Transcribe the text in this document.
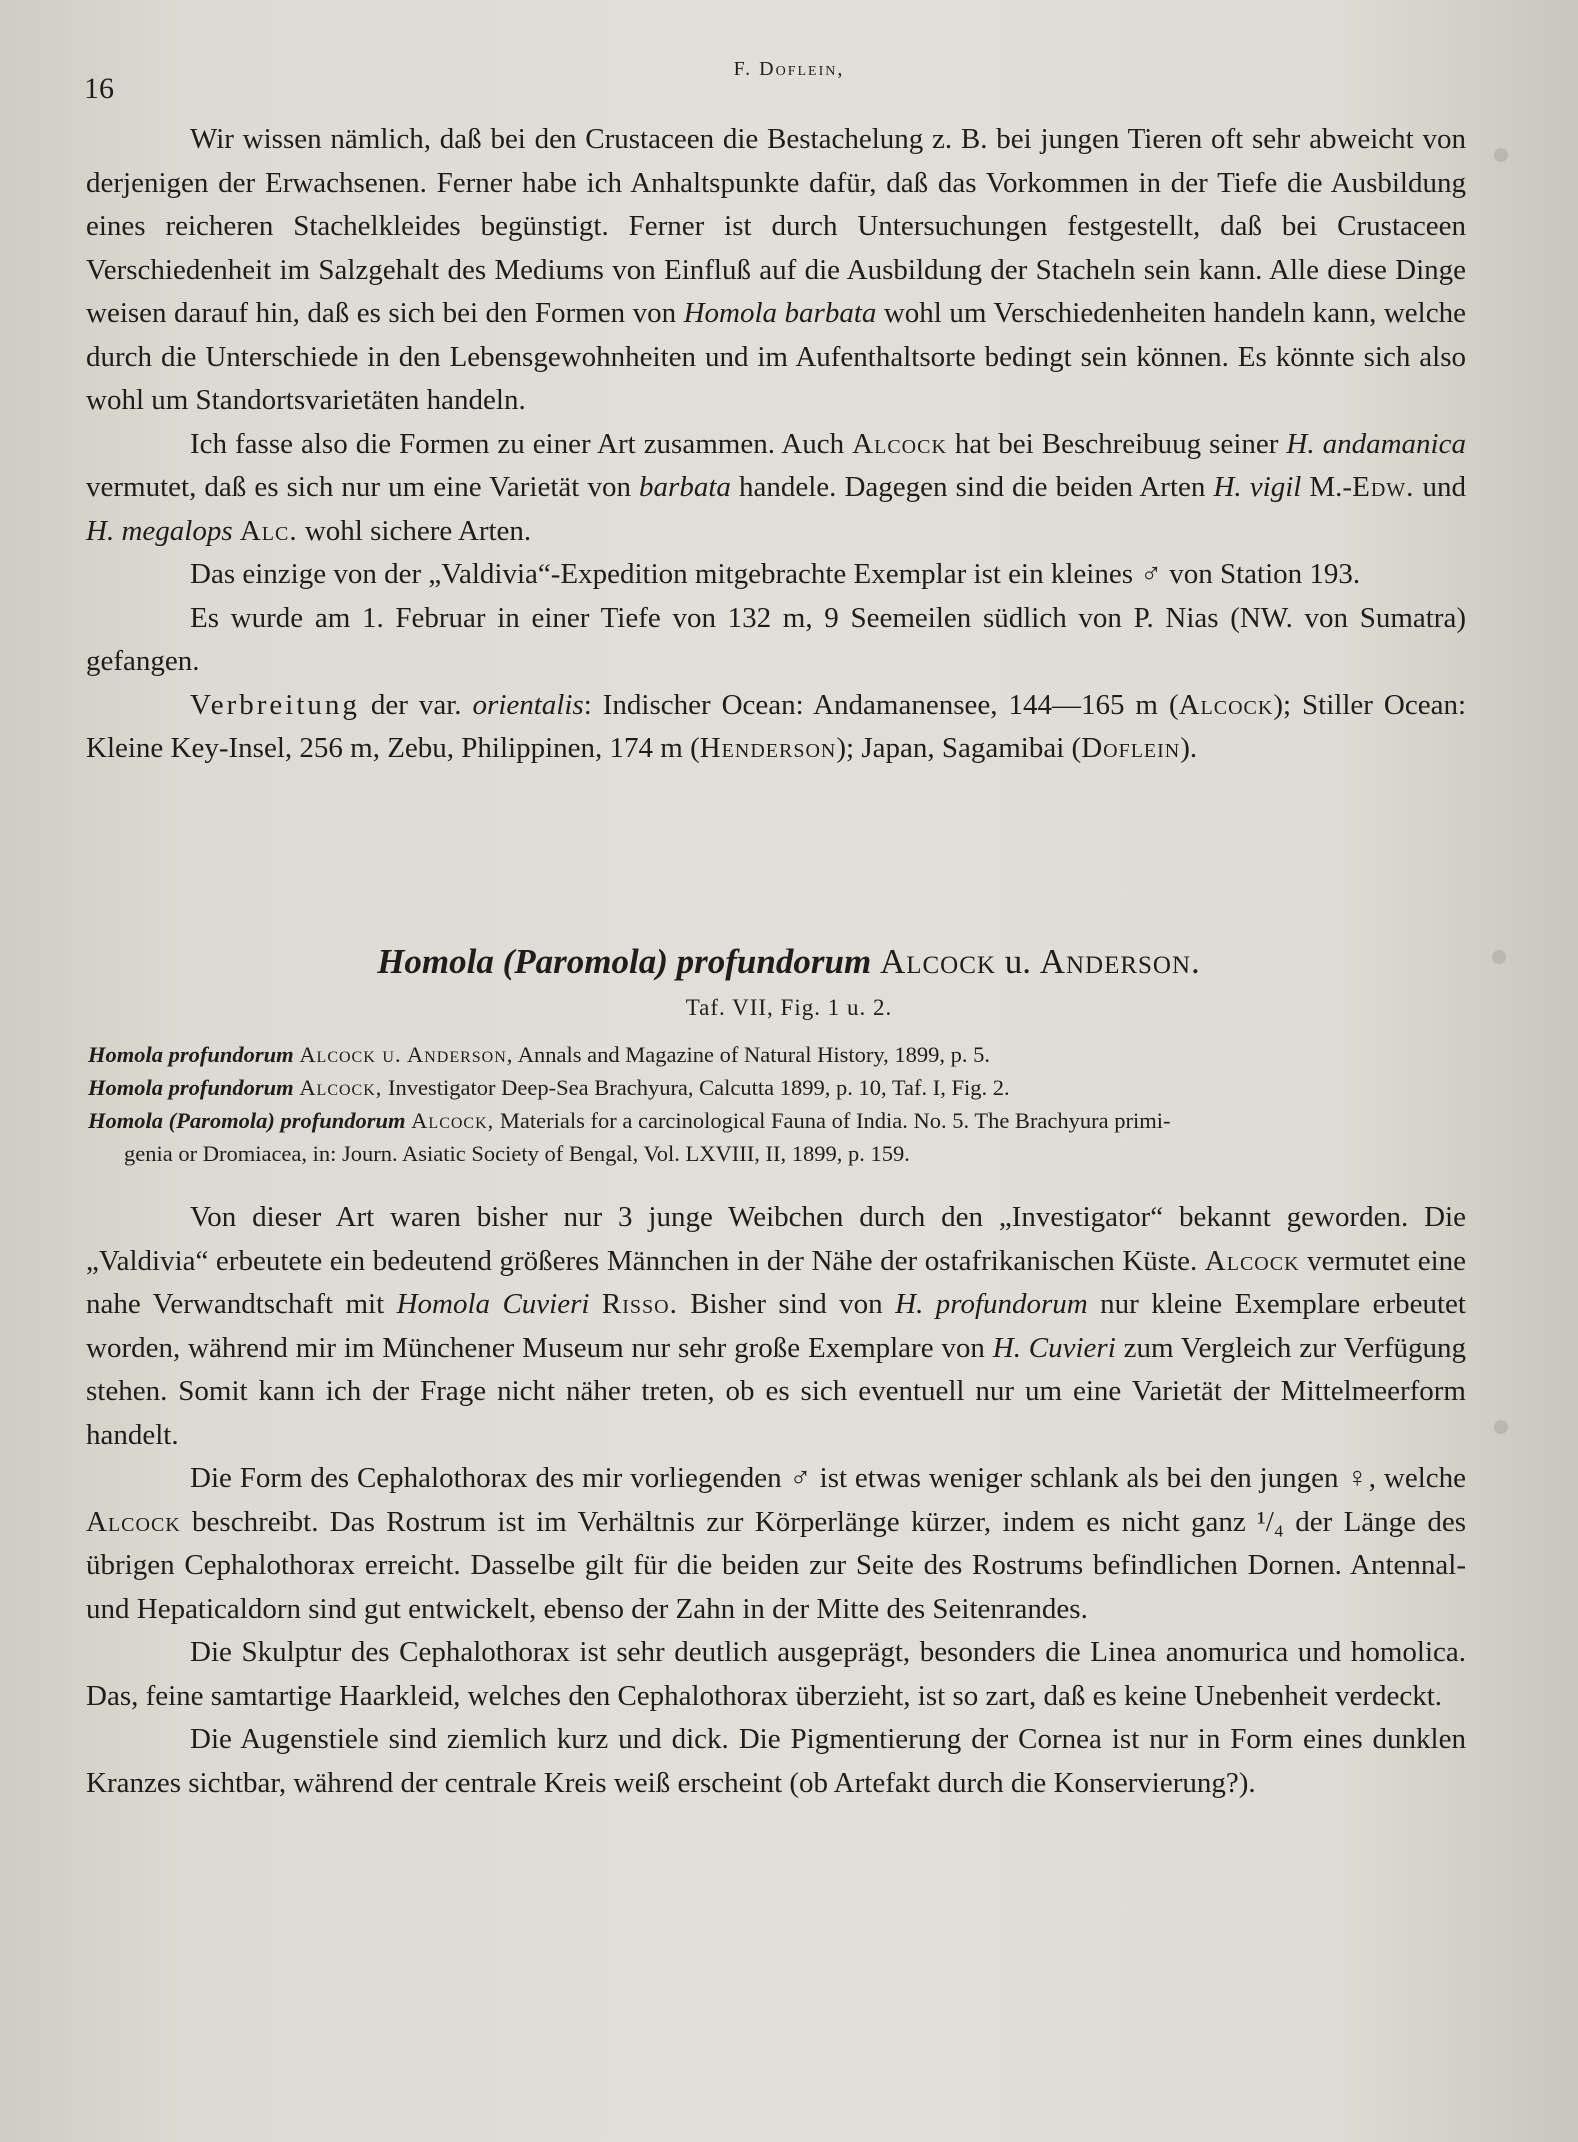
16
F. Doflein,

Wir wissen nämlich, daß bei den Crustaceen die Bestachelung z. B. bei jungen Tieren oft sehr abweicht von derjenigen der Erwachsenen. Ferner habe ich Anhaltspunkte dafür, daß das Vorkommen in der Tiefe die Ausbildung eines reicheren Stachelkleides begünstigt. Ferner ist durch Untersuchungen festgestellt, daß bei Crustaceen Verschiedenheit im Salzgehalt des Mediums von Einfluß auf die Ausbildung der Stacheln sein kann. Alle diese Dinge weisen darauf hin, daß es sich bei den Formen von Homola barbata wohl um Verschiedenheiten handeln kann, welche durch die Unterschiede in den Lebensgewohnheiten und im Aufenthaltsorte bedingt sein können. Es könnte sich also wohl um Standortsvarietäten handeln.

Ich fasse also die Formen zu einer Art zusammen. Auch Alcock hat bei Beschreibuug seiner H. andamanica vermutet, daß es sich nur um eine Varietät von barbata handele. Dagegen sind die beiden Arten H. vigil M.-Edw. und H. megalops Alc. wohl sichere Arten.

Das einzige von der „Valdivia“-Expedition mitgebrachte Exemplar ist ein kleines ♂ von Station 193.

Es wurde am 1. Februar in einer Tiefe von 132 m, 9 Seemeilen südlich von P. Nias (NW. von Sumatra) gefangen.

Verbreitung der var. orientalis: Indischer Ocean: Andamanensee, 144—165 m (Alcock); Stiller Ocean: Kleine Key-Insel, 256 m, Zebu, Philippinen, 174 m (Henderson); Japan, Sagamibai (Doflein).

Homola (Paromola) profundorum Alcock u. Anderson.
Taf. VII, Fig. 1 u. 2.

Homola profundorum Alcock u. Anderson, Annals and Magazine of Natural History, 1899, p. 5.

Homola profundorum Alcock, Investigator Deep-Sea Brachyura, Calcutta 1899, p. 10, Taf. I, Fig. 2.

Homola (Paromola) profundorum Alcock, Materials for a carcinological Fauna of India. No. 5. The Brachyura primi-
genia or Dromiacea, in: Journ. Asiatic Society of Bengal, Vol. LXVIII, II, 1899, p. 159.

Von dieser Art waren bisher nur 3 junge Weibchen durch den „Investigator“ bekannt geworden. Die „Valdivia“ erbeutete ein bedeutend größeres Männchen in der Nähe der ostafrikanischen Küste. Alcock vermutet eine nahe Verwandtschaft mit Homola Cuvieri Risso. Bisher sind von H. profundorum nur kleine Exemplare erbeutet worden, während mir im Münchener Museum nur sehr große Exemplare von H. Cuvieri zum Vergleich zur Verfügung stehen. Somit kann ich der Frage nicht näher treten, ob es sich eventuell nur um eine Varietät der Mittelmeerform handelt.

Die Form des Cephalothorax des mir vorliegenden ♂ ist etwas weniger schlank als bei den jungen ♀, welche Alcock beschreibt. Das Rostrum ist im Verhältnis zur Körperlänge kürzer, indem es nicht ganz ¹/₄ der Länge des übrigen Cephalothorax erreicht. Dasselbe gilt für die beiden zur Seite des Rostrums befindlichen Dornen. Antennal- und Hepaticaldorn sind gut entwickelt, ebenso der Zahn in der Mitte des Seitenrandes.

Die Skulptur des Cephalothorax ist sehr deutlich ausgeprägt, besonders die Linea anomurica und homolica. Das, feine samtartige Haarkleid, welches den Cephalothorax überzieht, ist so zart, daß es keine Unebenheit verdeckt.

Die Augenstiele sind ziemlich kurz und dick. Die Pigmentierung der Cornea ist nur in Form eines dunklen Kranzes sichtbar, während der centrale Kreis weiß erscheint (ob Artefakt durch die Konservierung?).
